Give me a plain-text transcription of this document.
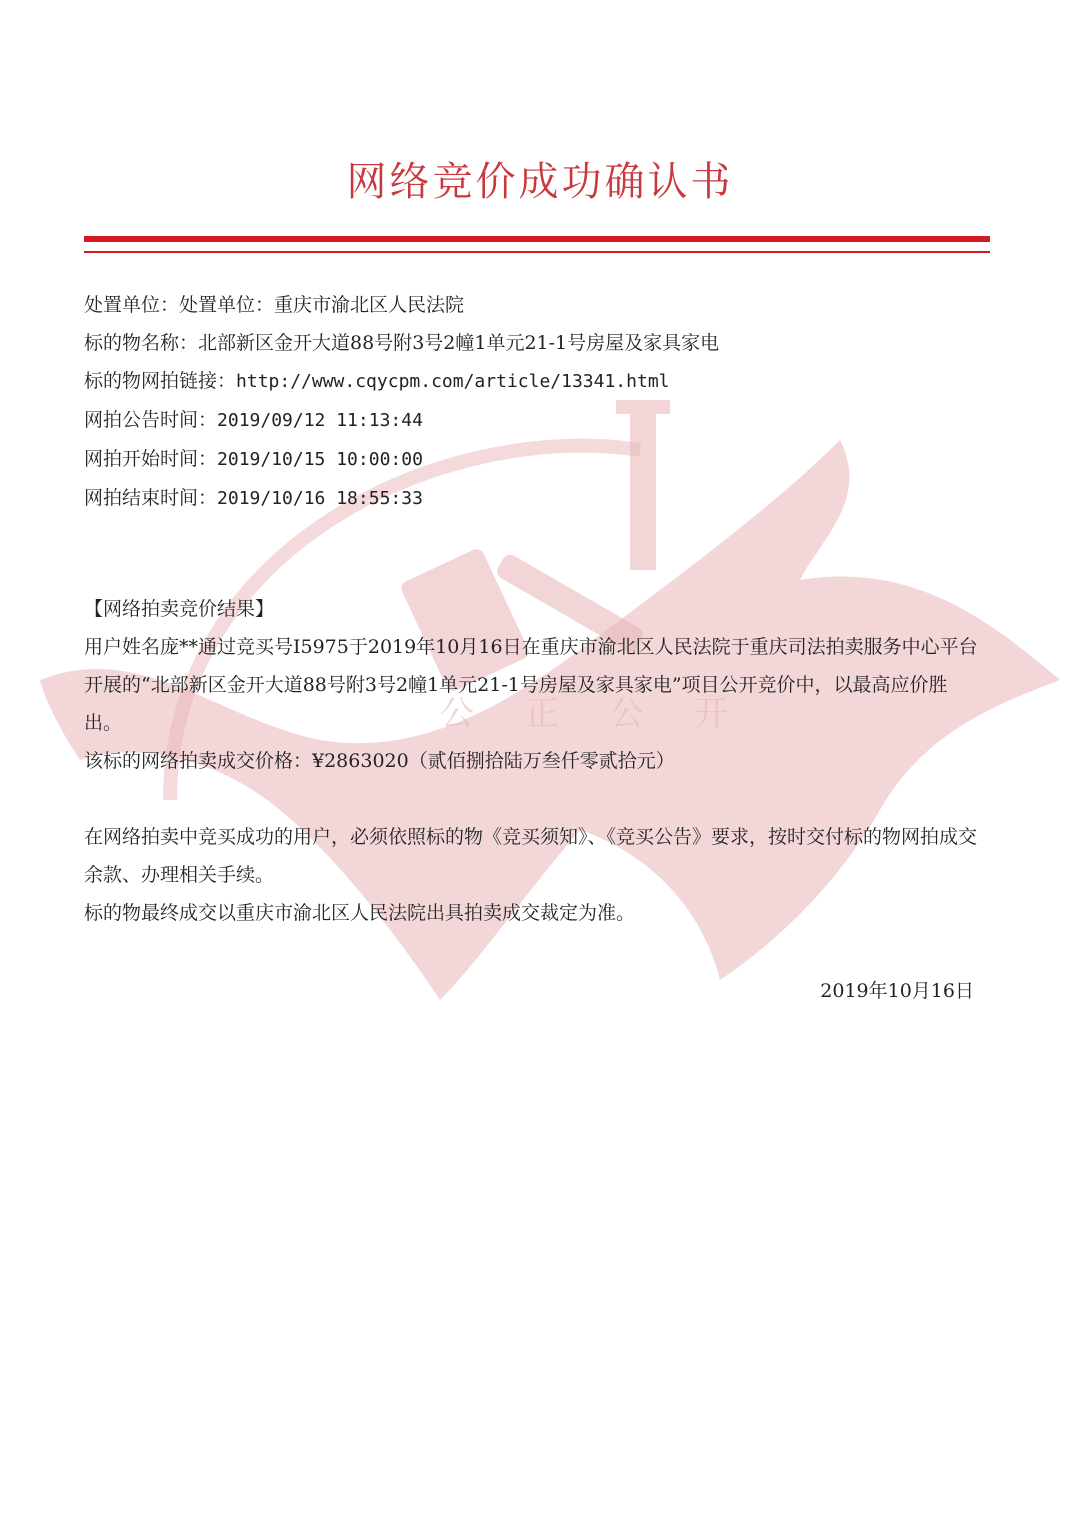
公 正 公 开
网络竞价成功确认书
处置单位：处置单位：重庆市渝北区人民法院
标的物名称：北部新区金开大道88号附3号2幢1单元21-1号房屋及家具家电
标的物网拍链接：http://www.cqycpm.com/article/13341.html
网拍公告时间：2019/09/12 11:13:44
网拍开始时间：2019/10/15 10:00:00
网拍结束时间：2019/10/16 18:55:33
【网络拍卖竞价结果】
用户姓名庞**通过竞买号I5975于2019年10月16日在重庆市渝北区人民法院于重庆司法拍卖服务中心平台开展的“北部新区金开大道88号附3号2幢1单元21-1号房屋及家具家电”项目公开竞价中，以最高应价胜出。
该标的网络拍卖成交价格：¥2863020（贰佰捌拾陆万叁仟零贰拾元）
在网络拍卖中竞买成功的用户，必须依照标的物《竞买须知》、《竞买公告》要求，按时交付标的物网拍成交余款、办理相关手续。
标的物最终成交以重庆市渝北区人民法院出具拍卖成交裁定为准。
2019年10月16日
